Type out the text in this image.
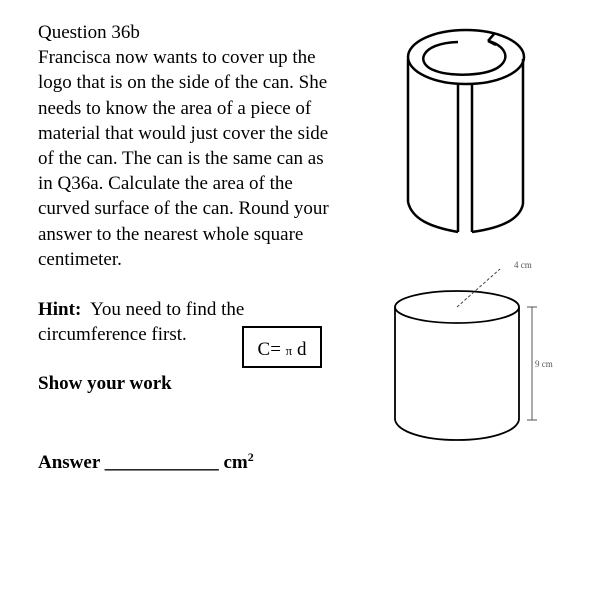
Question 36b
Francisca now wants to cover up the
logo that is on the side of the can. She
needs to know the area of a piece of
material that would just cover the side
of the can. The can is the same can as
in Q36a. Calculate the area of the
curved surface of the can. Round your
answer to the nearest whole square
centimeter.
Hint: You need to find the
circumference first.
C= π d
Show your work
Answer ____________ $cm^2$
4 cm
9 cm
